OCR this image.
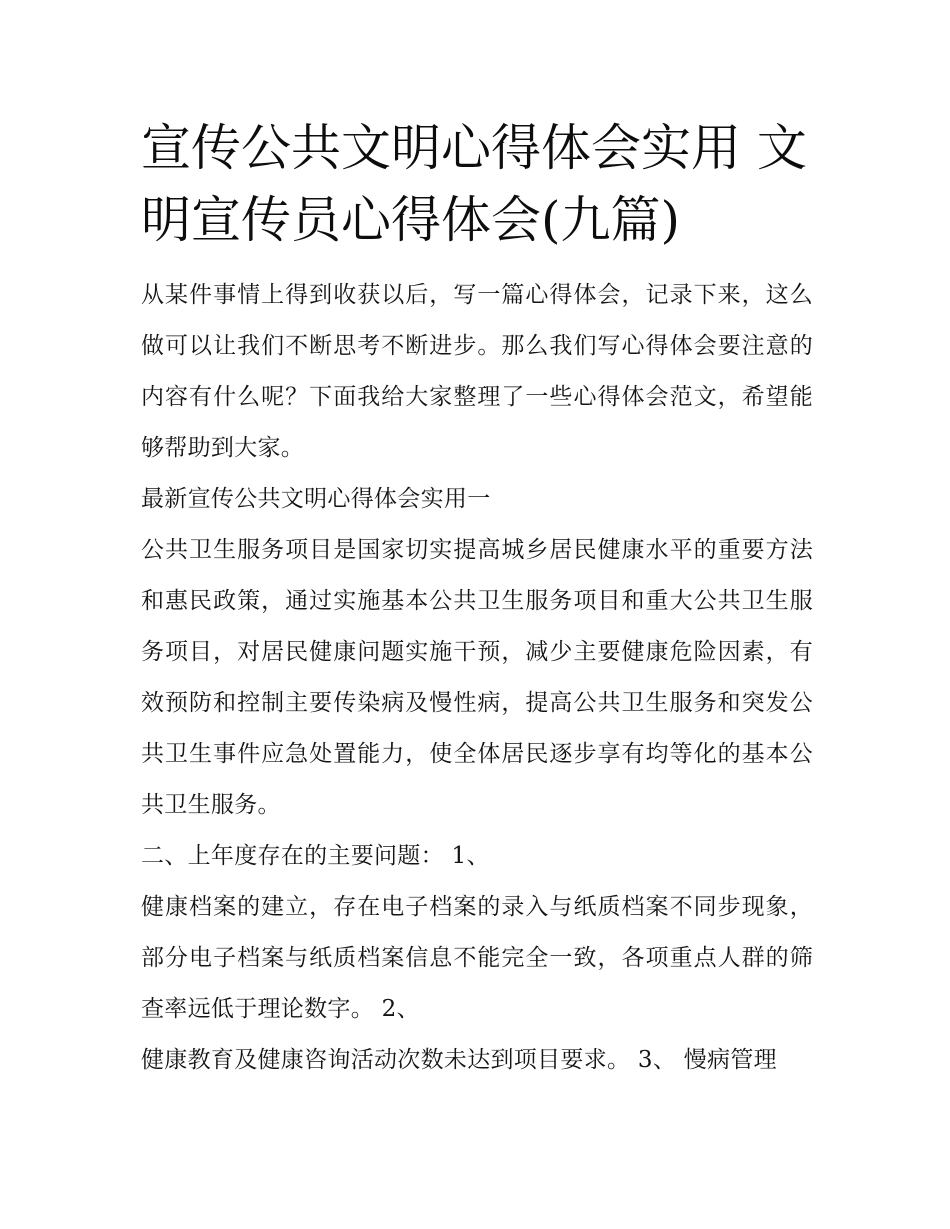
宣传公共文明心得体会实用 文明宣传员心得体会(九篇)

从某件事情上得到收获以后，写一篇心得体会，记录下来，这么做可以让我们不断思考不断进步。那么我们写心得体会要注意的内容有什么呢？下面我给大家整理了一些心得体会范文，希望能够帮助到大家。

最新宣传公共文明心得体会实用一

公共卫生服务项目是国家切实提高城乡居民健康水平的重要方法和惠民政策，通过实施基本公共卫生服务项目和重大公共卫生服务项目，对居民健康问题实施干预，减少主要健康危险因素，有效预防和控制主要传染病及慢性病，提高公共卫生服务和突发公共卫生事件应急处置能力，使全体居民逐步享有均等化的基本公共卫生服务。

二、上年度存在的主要问题： 1、

健康档案的建立，存在电子档案的录入与纸质档案不同步现象，部分电子档案与纸质档案信息不能完全一致，各项重点人群的筛查率远低于理论数字。 2、

健康教育及健康咨询活动次数未达到项目要求。 3、 慢病管理
